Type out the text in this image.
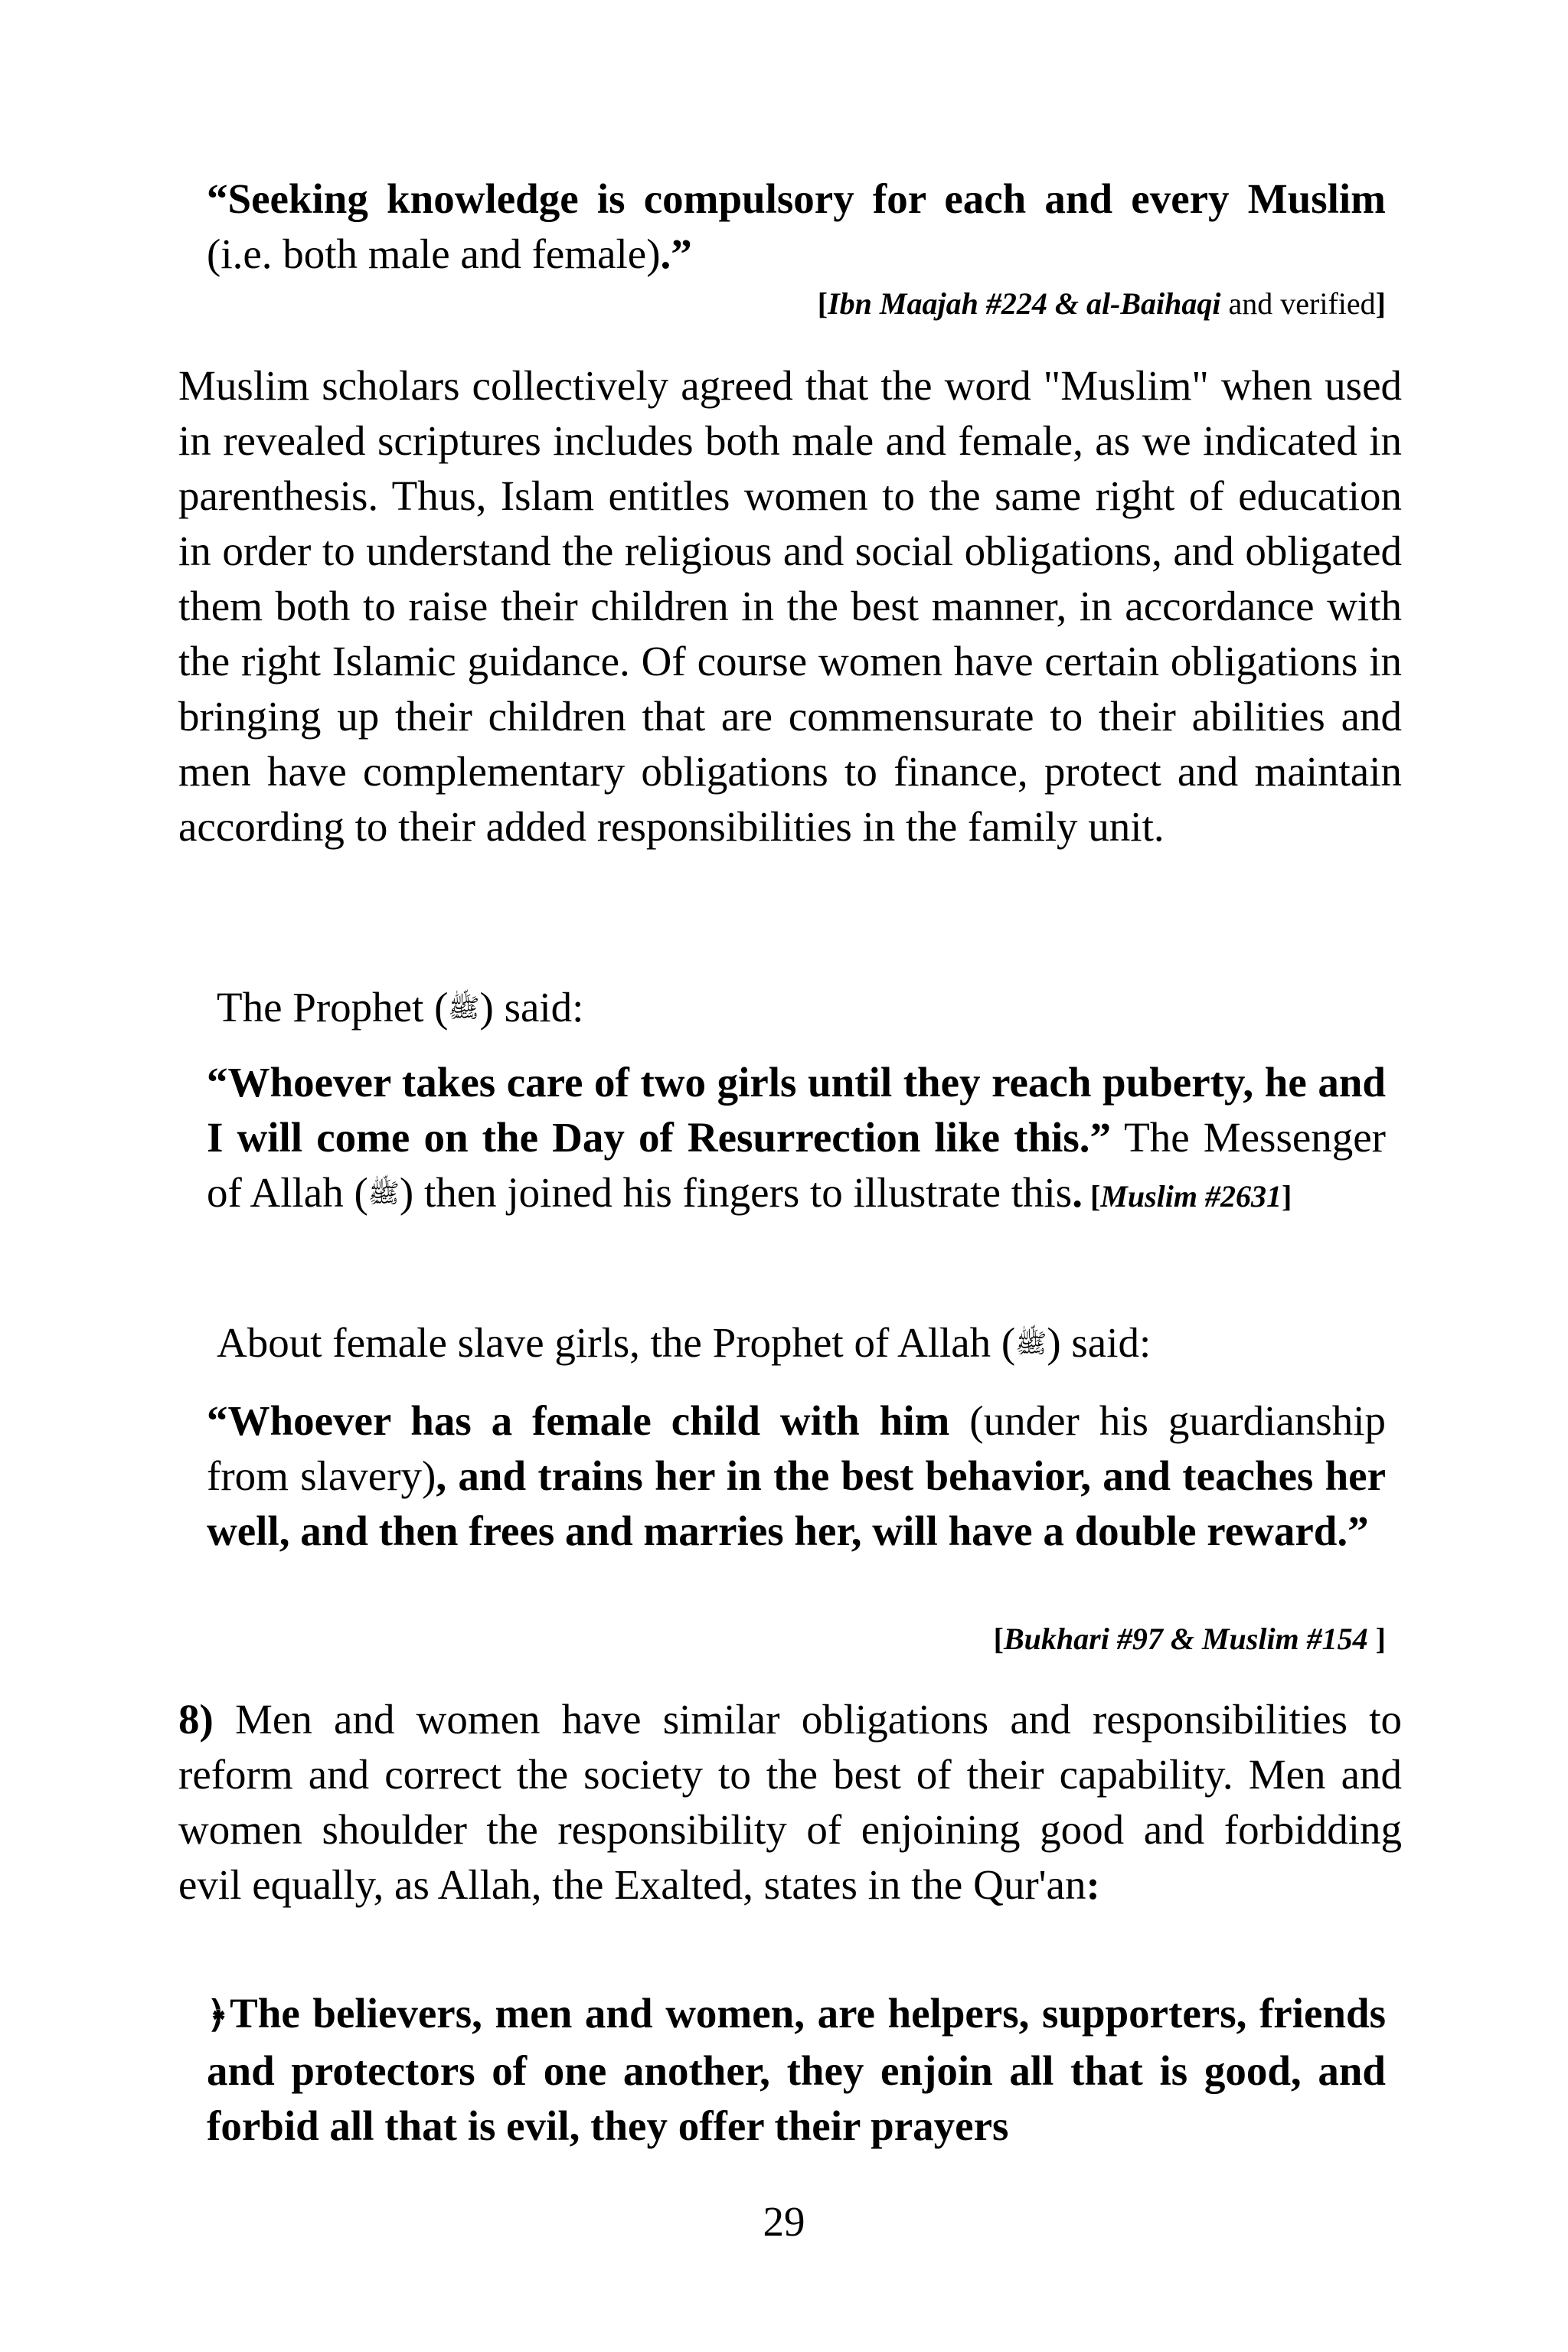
“Seeking knowledge is compulsory for each and every Muslim (i.e. both male and female).”

[Ibn Maajah #224 & al-Baihaqi and verified]

Muslim scholars collectively agreed that the word "Muslim" when used in revealed scriptures includes both male and female, as we indicated in parenthesis. Thus, Islam entitles women to the same right of education in order to understand the religious and social obligations, and obligated them both to raise their children in the best manner, in accordance with the right Islamic guidance. Of course women have certain obligations in bringing up their children that are commensurate to their abilities and men have complementary obligations to finance, protect and maintain according to their added responsibilities in the family unit.

The Prophet (ﷺ) said:

“Whoever takes care of two girls until they reach puberty, he and I will come on the Day of Resurrection like this.” The Messenger of Allah (ﷺ) then joined his fingers to illustrate this. [Muslim #2631]

About female slave girls, the Prophet of Allah (ﷺ) said:

“Whoever has a female child with him (under his guardianship from slavery), and trains her in the best behavior, and teaches her well, and then frees and marries her, will have a double reward.”

[Bukhari #97 & Muslim #154 ]

8) Men and women have similar obligations and responsibilities to reform and correct the society to the best of their capability. Men and women shoulder the responsibility of enjoining good and forbidding evil equally, as Allah, the Exalted, states in the Qur'an:

﴿The believers, men and women, are helpers, supporters, friends and protectors of one another, they enjoin all that is good, and forbid all that is evil, they offer their prayers

29
